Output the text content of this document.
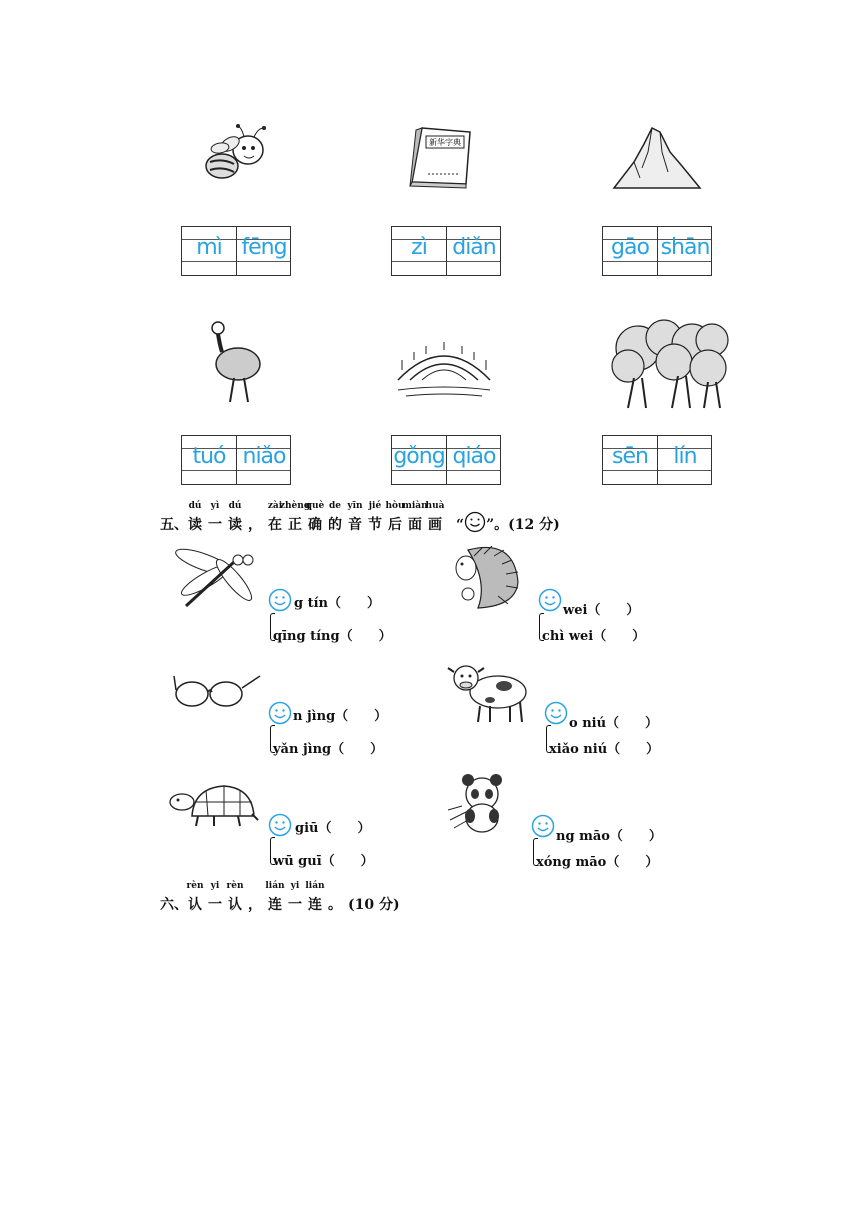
新华字典
mì fēng	zì	diǎn	gāo shān
tuó niǎo	gǒng qiáo	sēn	lín
五、
dú
读
yì
一
dú
读 ，
zài
在
zhèng
正
què
确
de
的
yīn
音
jié
节
hòu
后
miàn
面
huà
画 “ ”。(12 分)
g tín（　　）
qīng tíng（　　）
wei（　　）
chì wei（　　）
n jìng（　　）
yǎn jìng（　　）
o niú（　　）
xiǎo niú（　　）
giū（　　）
wū guī（　　）
ng māo（　　）
xóng māo（　　）
六、
rèn
认
yi
一
rèn
认 ，
lián
连
yi
一
lián
连 。 (10 分)
